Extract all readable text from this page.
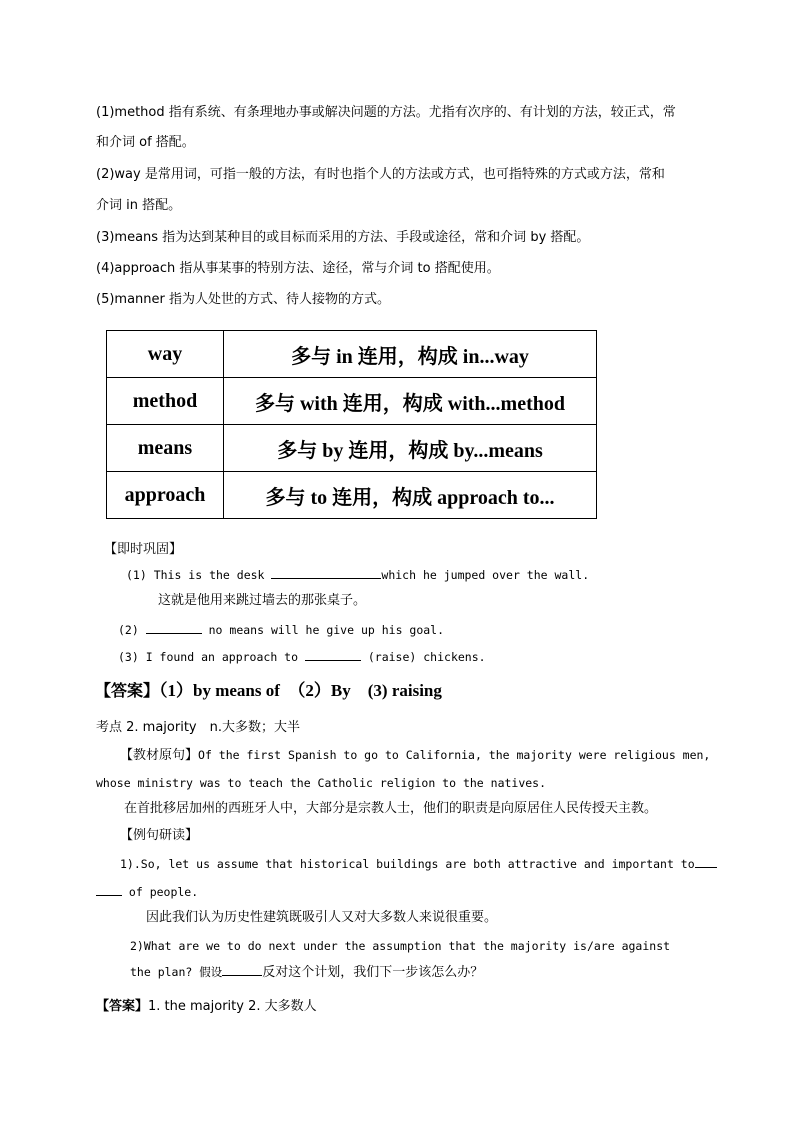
(1)method 指有系统、有条理地办事或解决问题的方法。尤指有次序的、有计划的方法，较正式，常
和介词 of 搭配。
(2)way 是常用词，可指一般的方法，有时也指个人的方法或方式，也可指特殊的方式或方法，常和
介词 in 搭配。
(3)means 指为达到某种目的或目标而采用的方法、手段或途径，常和介词 by 搭配。
(4)approach 指从事某事的特别方法、途径，常与介词 to 搭配使用。
(5)manner 指为人处世的方式、待人接物的方式。
way	多与 in 连用，构成 in...way
method	多与 with 连用，构成 with...method
means	多与 by 连用，构成 by...means
approach	多与 to 连用，构成 approach to...
【即时巩固】
(1) This is the desk	which he jumped over the wall.
这就是他用来跳过墙去的那张桌子。
(2)	no means will he give up his goal.
(3) I found an approach to	(raise) chickens.
【答案】（1）by means of　（2）By　(3) raising
考点 2. majority　n.大多数；大半
【教材原句】Of the first Spanish to go to California, the majority were religious men,
whose ministry was to teach the Catholic religion to the natives.
在首批移居加州的西班牙人中，大部分是宗教人士，他们的职责是向原居住人民传授天主教。
【例句研读】
1).So, let us assume that historical buildings are both attractive and important to
of people.
因此我们认为历史性建筑既吸引人又对大多数人来说很重要。
2)What are we to do next under the assumption that the majority is/are against
the plan? 假设	反对这个计划，我们下一步该怎么办？
【答案】1. the majority 2. 大多数人
